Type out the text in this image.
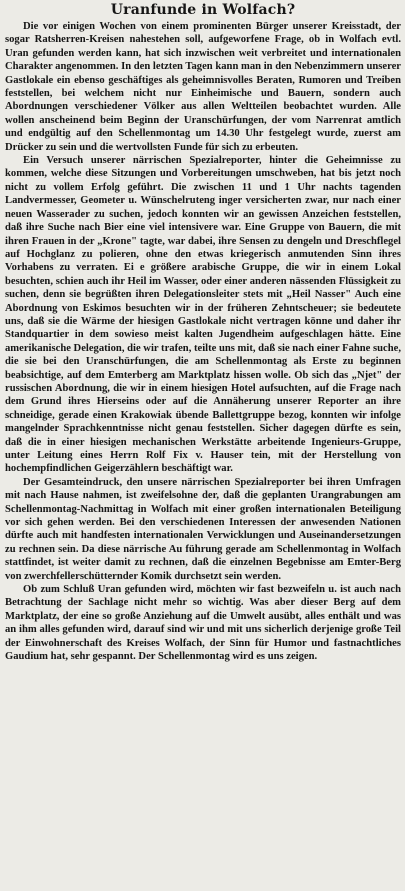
Uranfunde in Wolfach?

Die vor einigen Wochen von einem prominenten Bürger unserer Kreisstadt, der sogar Ratsherren-Kreisen nahestehen soll, aufgeworfene Frage, ob in Wolfach evtl. Uran gefunden werden kann, hat sich inzwischen weit verbreitet und internationalen Charakter angenommen. In den letzten Tagen kann man in den Nebenzimmern unserer Gastlokale ein ebenso geschäftiges als geheimnisvolles Beraten, Rumoren und Treiben feststellen, bei welchem nicht nur Einheimische und Bauern, sondern auch Abordnungen verschiedener Völker aus allen Weltteilen beobachtet wurden. Alle wollen anscheinend beim Beginn der Uranschürfungen, der vom Narrenrat amtlich und endgültig auf den Schellenmontag um 14.30 Uhr festgelegt wurde, zuerst am Drücker zu sein und die wertvollsten Funde für sich zu erbeuten.

Ein Versuch unserer närrischen Spezialreporter, hinter die Geheimnisse zu kommen, welche diese Sitzungen und Vorbereitungen umschweben, hat bis jetzt noch nicht zu vollem Erfolg geführt. Die zwischen 11 und 1 Uhr nachts tagenden Landvermesser, Geometer u. Wünschelruteng inger versicherten zwar, nur nach einer neuen Wasserader zu suchen, jedoch konnten wir an gewissen Anzeichen feststellen, daß ihre Suche nach Bier eine viel intensivere war. Eine Gruppe von Bauern, die mit ihren Frauen in der „Krone" tagte, war dabei, ihre Sensen zu dengeln und Dreschflegel auf Hochglanz zu polieren, ohne den etwas kriegerisch anmutenden Sinn ihres Vorhabens zu verraten. Ei e größere arabische Gruppe, die wir in einem Lokal besuchten, schien auch ihr Heil im Wasser, oder einer anderen nässenden Flüssigkeit zu suchen, denn sie begrüßten ihren Delegationsleiter stets mit „Heil Nasser" Auch eine Abordnung von Eskimos besuchten wir in der früheren Zehntscheuer; sie bedeutete uns, daß sie die Wärme der hiesigen Gastlokale nicht vertragen könne und daher ihr Standquartier in dem sowieso meist kalten Jugendheim aufgeschlagen hätte. Eine amerikanische Delegation, die wir trafen, teilte uns mit, daß sie nach einer Fahne suche, die sie bei den Uranschürfungen, die am Schellenmontag als Erste zu beginnen beabsichtige, auf dem Emterberg am Marktplatz hissen wolle. Ob sich das „Njet" der russischen Abordnung, die wir in einem hiesigen Hotel aufsuchten, auf die Frage nach dem Grund ihres Hierseins oder auf die Annäherung unserer Reporter an ihre schneidige, gerade einen Krakowiak übende Ballettgruppe bezog, konnten wir infolge mangelnder Sprachkenntnisse nicht genau feststellen. Sicher dagegen dürfte es sein, daß die in einer hiesigen mechanischen Werkstätte arbeitende Ingenieurs-Gruppe, unter Leitung eines Herrn Rolf Fix v. Hauser tein, mit der Herstellung von hochempfindlichen Geigerzählern beschäftigt war.

Der Gesamteindruck, den unsere närrischen Spezialreporter bei ihren Umfragen mit nach Hause nahmen, ist zweifelsohne der, daß die geplanten Urangrabungen am Schellenmontag-Nachmittag in Wolfach mit einer großen internationalen Beteiligung vor sich gehen werden. Bei den verschiedenen Interessen der anwesenden Nationen dürfte auch mit handfesten internationalen Verwicklungen und Auseinandersetzungen zu rechnen sein. Da diese närrische Au führung gerade am Schellenmontag in Wolfach stattfindet, ist weiter damit zu rechnen, daß die einzelnen Begebnisse am Emter-Berg von zwerchfellerschütternder Komik durchsetzt sein werden.

Ob zum Schluß Uran gefunden wird, möchten wir fast bezweifeln u. ist auch nach Betrachtung der Sachlage nicht mehr so wichtig. Was aber dieser Berg auf dem Marktplatz, der eine so große Anziehung auf die Umwelt ausübt, alles enthält und was an ihm alles gefunden wird, darauf sind wir und mit uns sicherlich derjenige große Teil der Einwohnerschaft des Kreises Wolfach, der Sinn für Humor und fastnachtliches Gaudium hat, sehr gespannt. Der Schellenmontag wird es uns zeigen.
